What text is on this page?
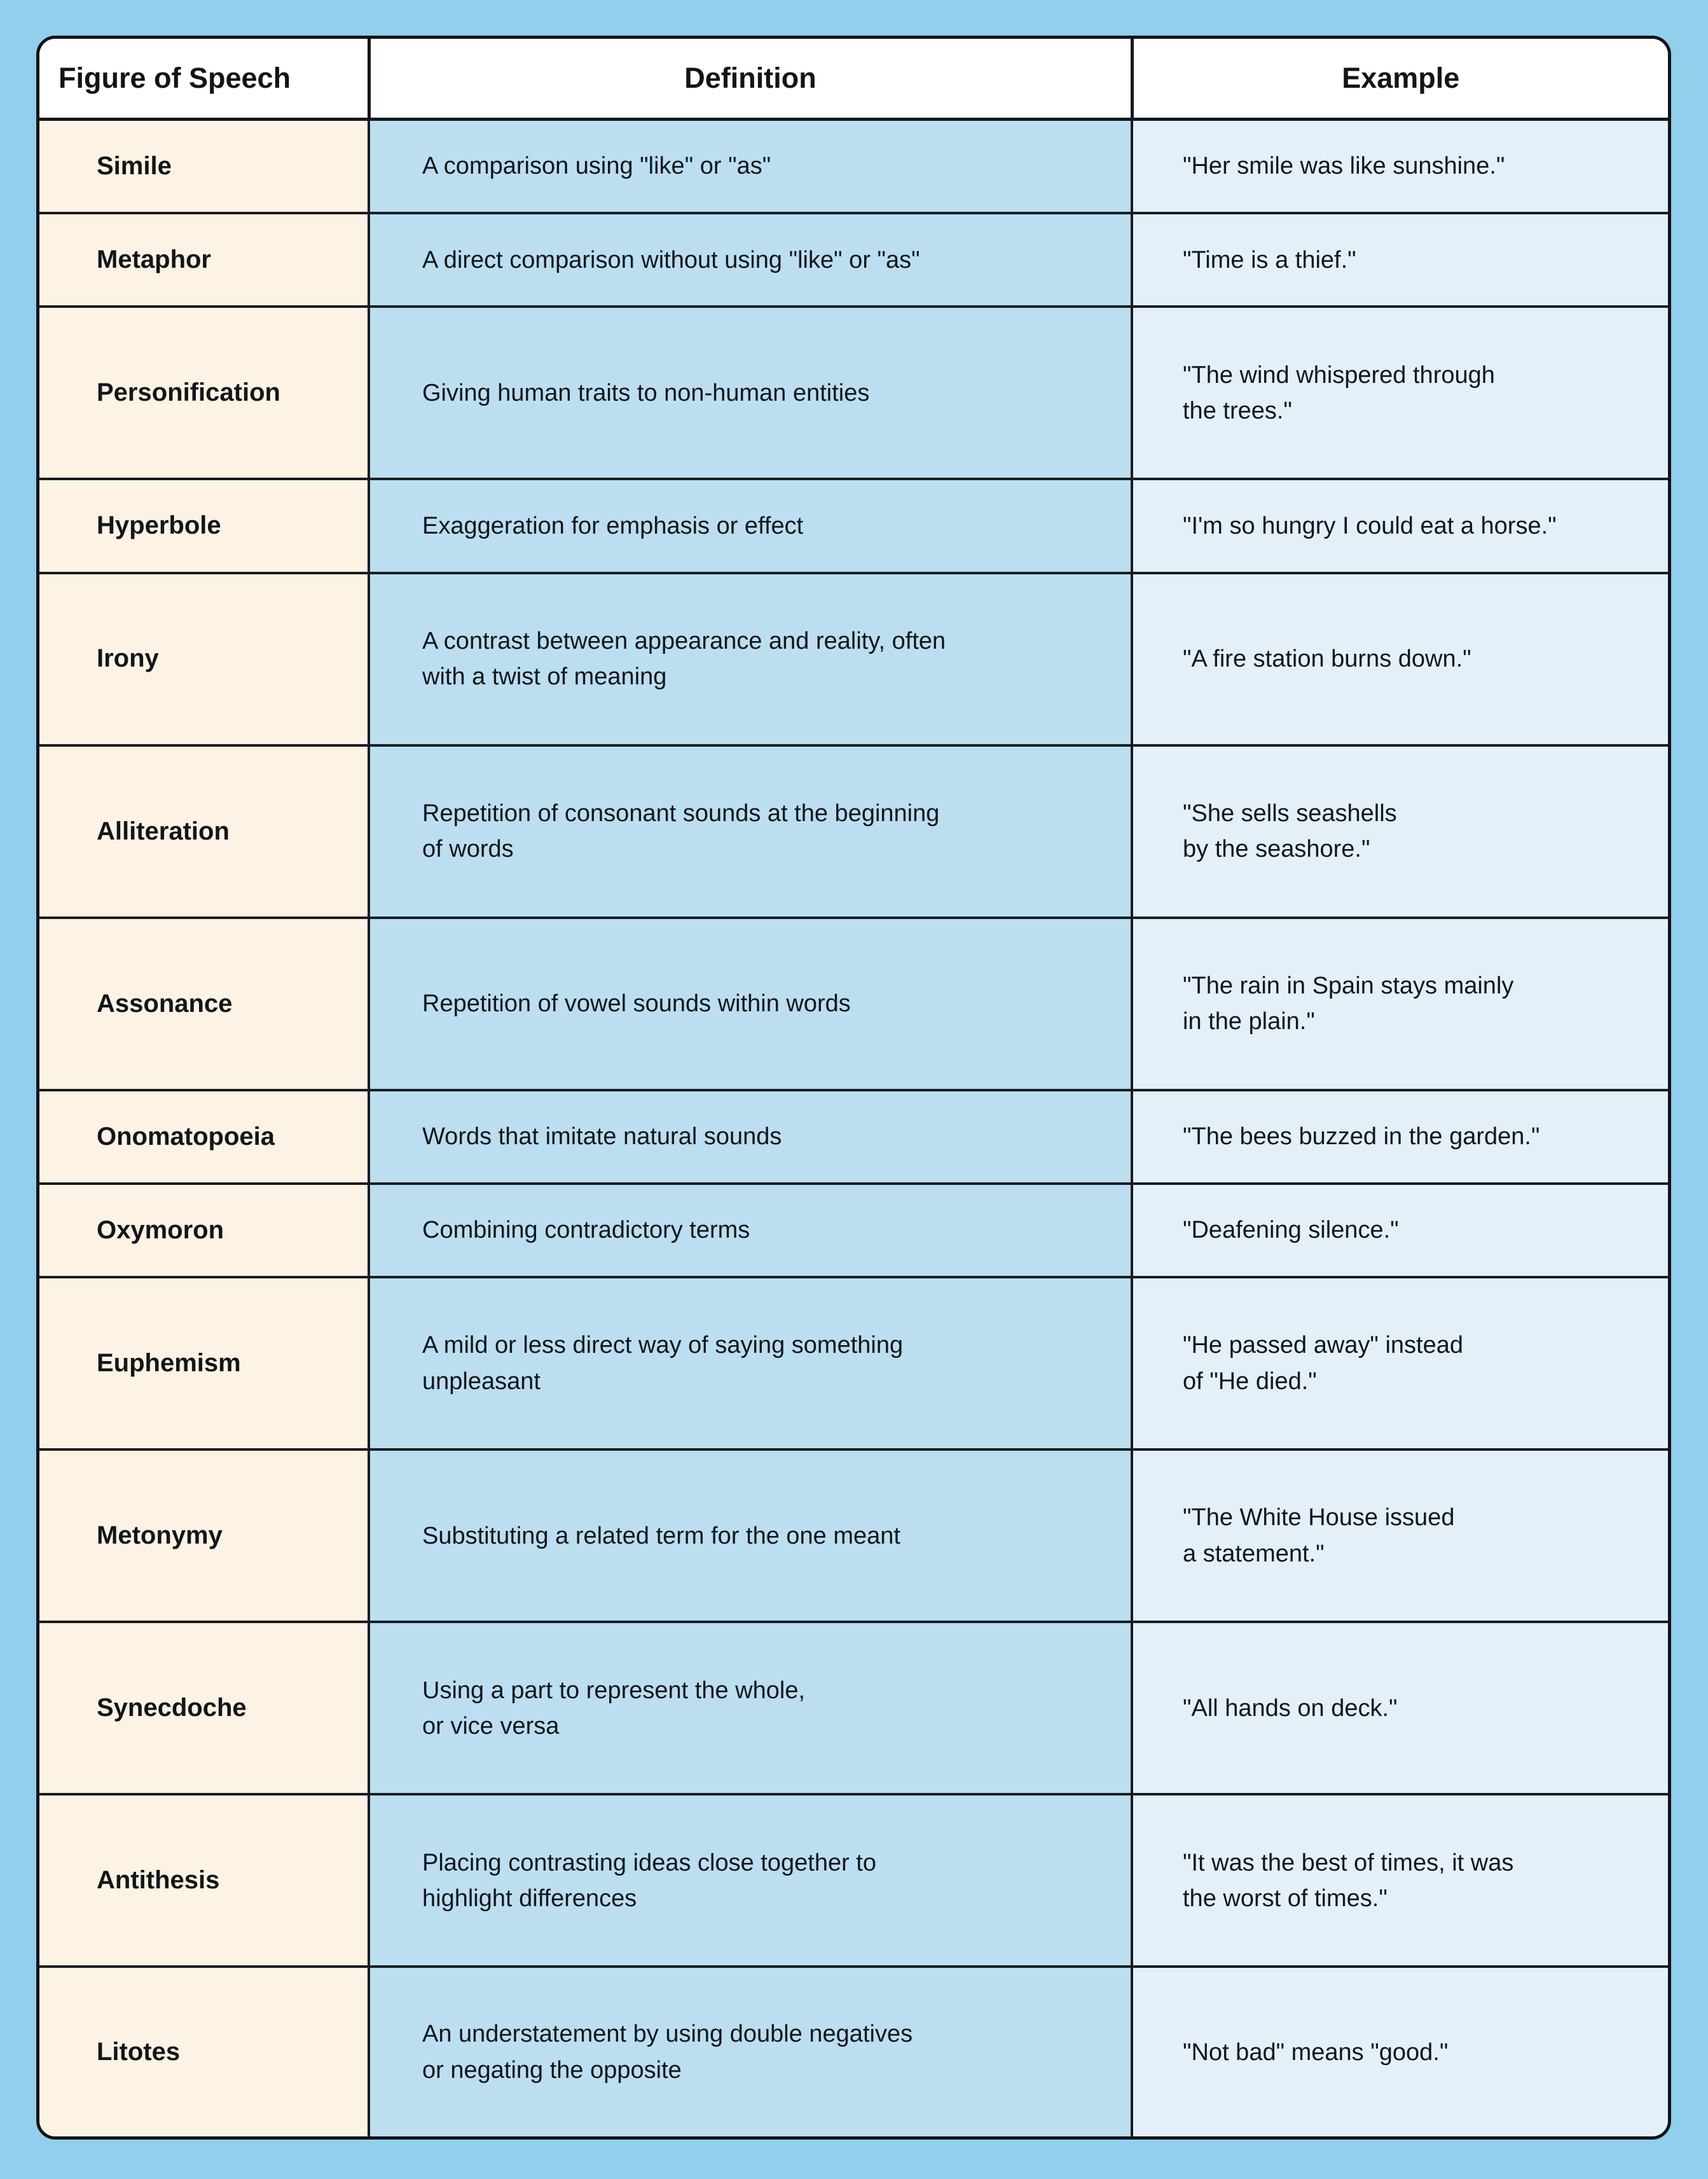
Figure of Speech	Definition	Example
Simile	A comparison using "like" or "as"	"Her smile was like sunshine."

Metaphor	A direct comparison without using "like" or "as"	"Time is a thief."

Personification	Giving human traits to non-human entities	"The wind whispered through
the trees."

Hyperbole	Exaggeration for emphasis or effect	"I'm so hungry I could eat a horse."

Irony	A contrast between appearance and reality, often
with a twist of meaning	"A fire station burns down."

Alliteration	Repetition of consonant sounds at the beginning
of words	"She sells seashells
by the seashore."

Assonance	Repetition of vowel sounds within words	"The rain in Spain stays mainly
in the plain."

Onomatopoeia	Words that imitate natural sounds	"The bees buzzed in the garden."

Oxymoron	Combining contradictory terms	"Deafening silence."

Euphemism	A mild or less direct way of saying something
unpleasant	"He passed away" instead
of "He died."

Metonymy	Substituting a related term for the one meant	"The White House issued
a statement."

Synecdoche	Using a part to represent the whole,
or vice versa	"All hands on deck."

Antithesis	Placing contrasting ideas close together to
highlight differences	"It was the best of times, it was
the worst of times."

Litotes	An understatement by using double negatives
or negating the opposite	"Not bad" means "good."
